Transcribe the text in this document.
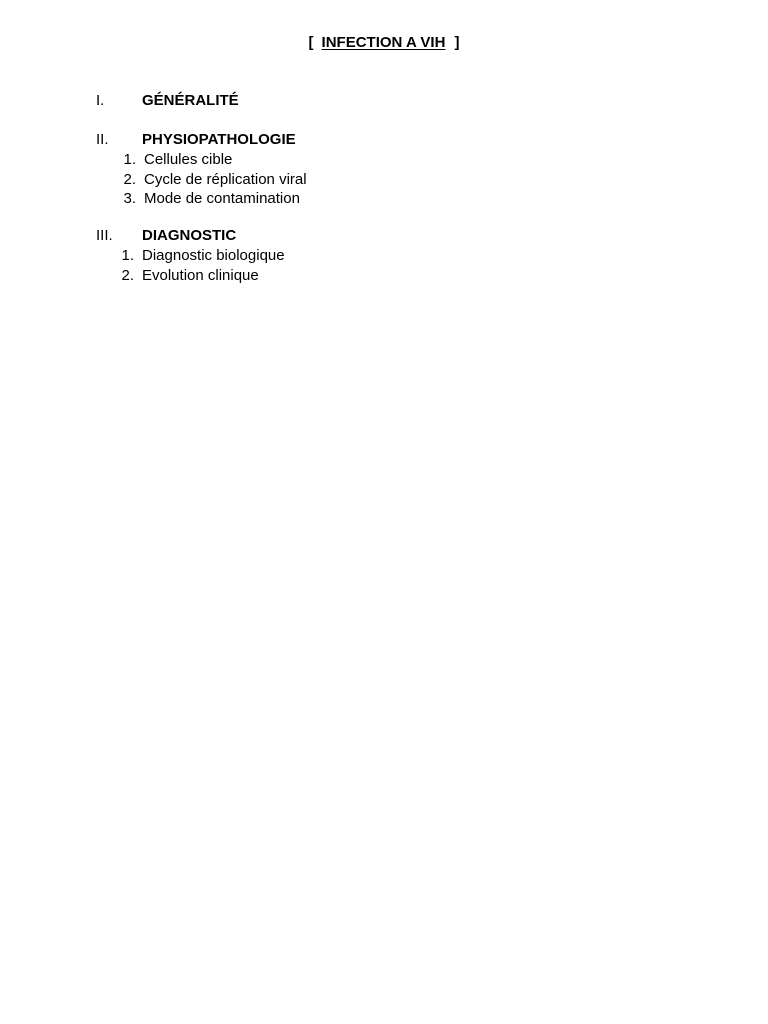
[ INFECTION A VIH ]
I.	GÉNÉRALITÉ
II. PHYSIOPATHOLOGIE
1. Cellules cible
2. Cycle de réplication viral
3. Mode de contamination
III. DIAGNOSTIC
1. Diagnostic biologique
2. Evolution clinique
